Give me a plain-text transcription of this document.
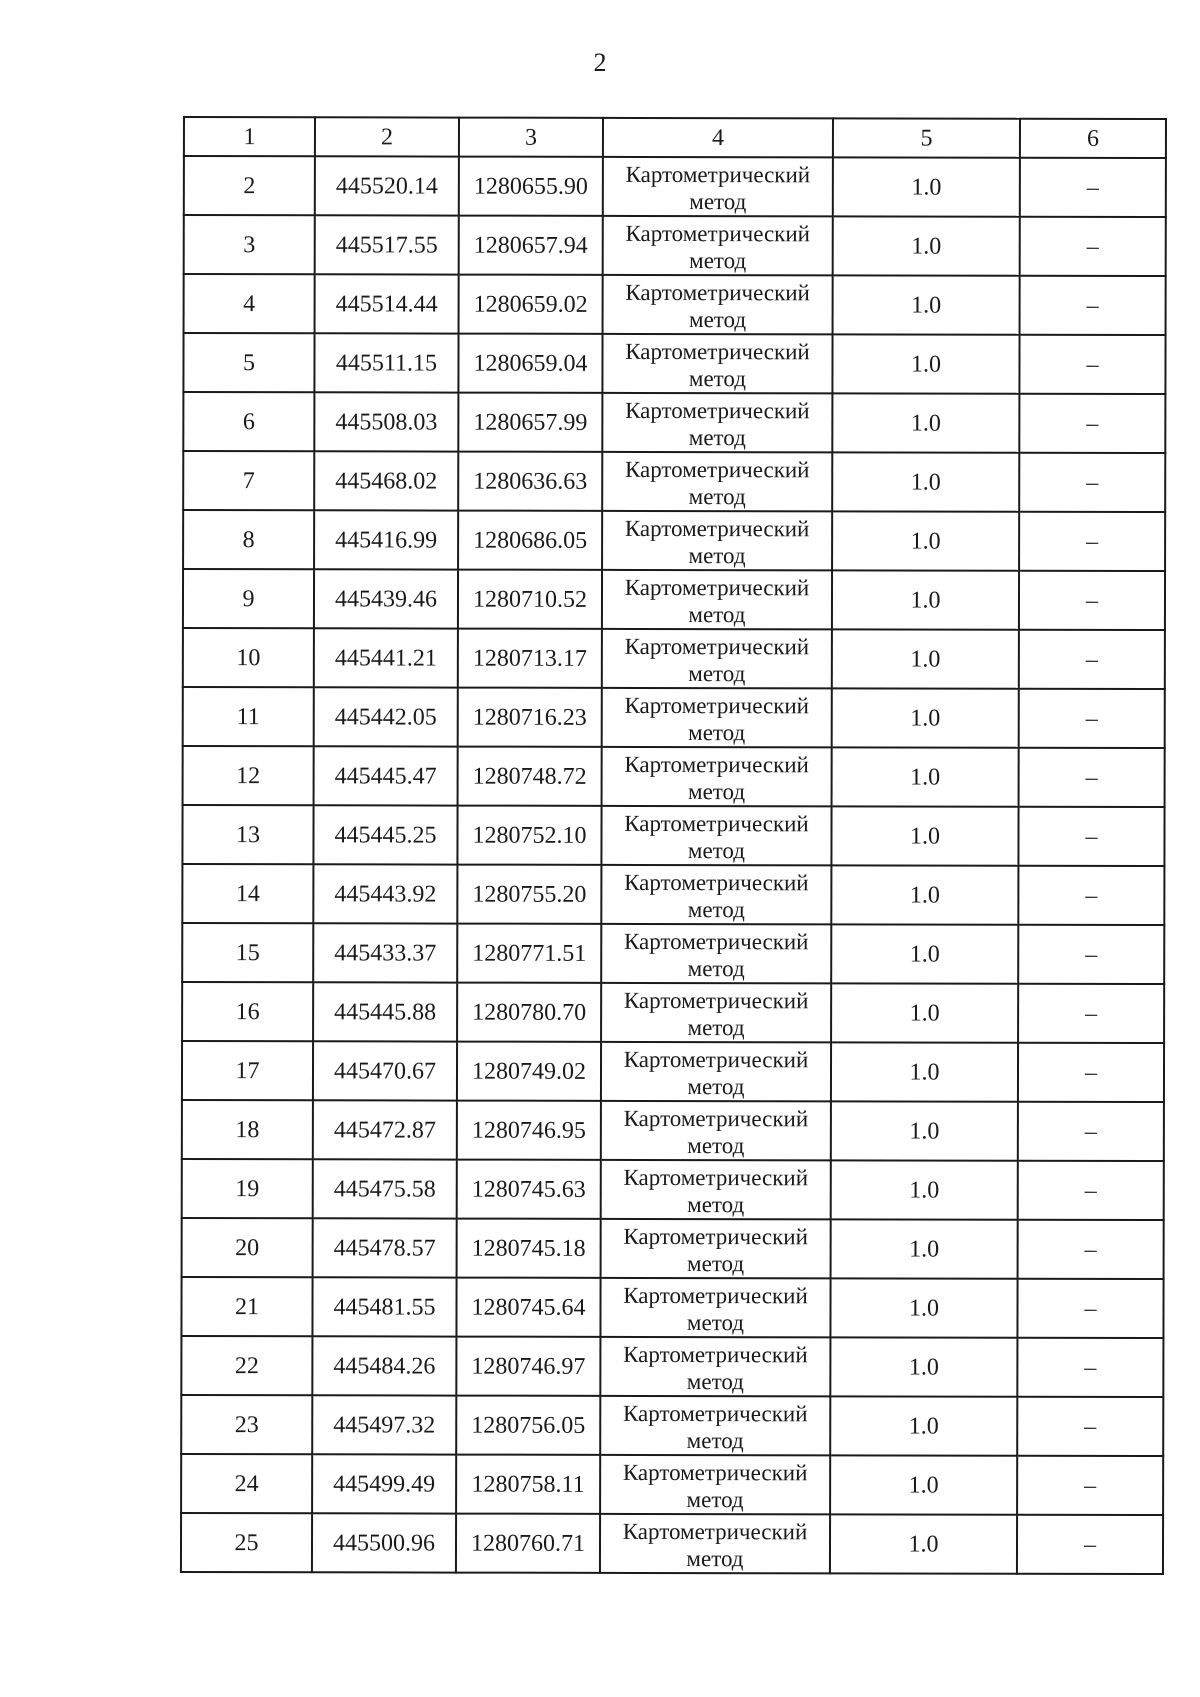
2
1	2	3	4	5	6
2	445520.14	1280655.90	Картометрический метод	1.0	–
3	445517.55	1280657.94	Картометрический метод	1.0	–
4	445514.44	1280659.02	Картометрический метод	1.0	–
5	445511.15	1280659.04	Картометрический метод	1.0	–
6	445508.03	1280657.99	Картометрический метод	1.0	–
7	445468.02	1280636.63	Картометрический метод	1.0	–
8	445416.99	1280686.05	Картометрический метод	1.0	–
9	445439.46	1280710.52	Картометрический метод	1.0	–
10	445441.21	1280713.17	Картометрический метод	1.0	–
11	445442.05	1280716.23	Картометрический метод	1.0	–
12	445445.47	1280748.72	Картометрический метод	1.0	–
13	445445.25	1280752.10	Картометрический метод	1.0	–
14	445443.92	1280755.20	Картометрический метод	1.0	–
15	445433.37	1280771.51	Картометрический метод	1.0	–
16	445445.88	1280780.70	Картометрический метод	1.0	–
17	445470.67	1280749.02	Картометрический метод	1.0	–
18	445472.87	1280746.95	Картометрический метод	1.0	–
19	445475.58	1280745.63	Картометрический метод	1.0	–
20	445478.57	1280745.18	Картометрический метод	1.0	–
21	445481.55	1280745.64	Картометрический метод	1.0	–
22	445484.26	1280746.97	Картометрический метод	1.0	–
23	445497.32	1280756.05	Картометрический метод	1.0	–
24	445499.49	1280758.11	Картометрический метод	1.0	–
25	445500.96	1280760.71	Картометрический метод	1.0	–
